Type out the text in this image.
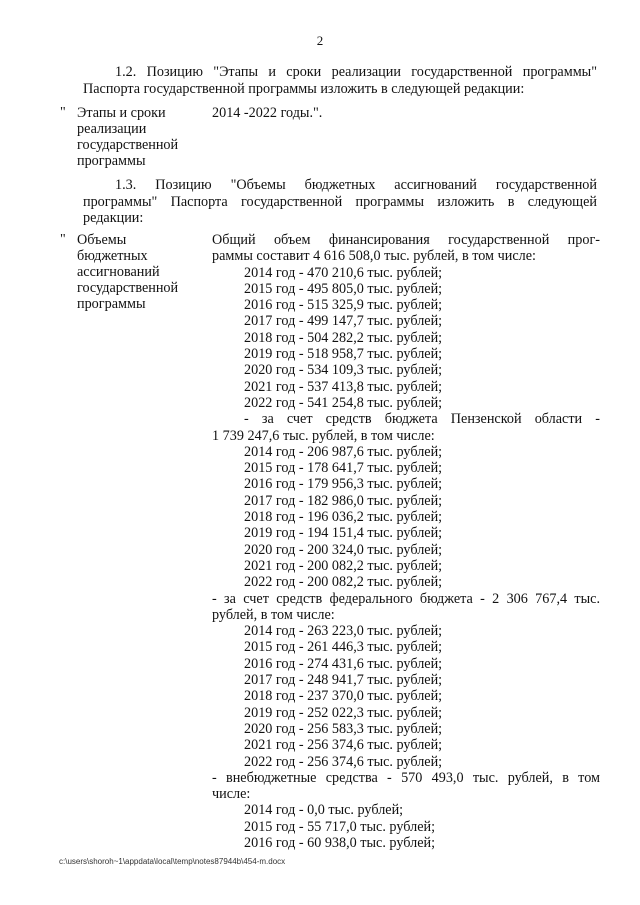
2
1.2. Позицию "Этапы и сроки реализации государственной программы"
Паспорта государственной программы изложить в следующей редакции:
" Этапы и сроки
реализации
государственной
программы
2014 -2022 годы.".
1.3. Позицию "Объемы бюджетных ассигнований государственной
программы" Паспорта государственной программы изложить в следующей
редакции:
" Объемы
бюджетных
ассигнований
государственной
программы
Общий объем финансирования государственной прог-
раммы составит 4 616 508,0 тыс. рублей, в том числе:
2014 год - 470 210,6 тыс. рублей;
2015 год - 495 805,0 тыс. рублей;
2016 год - 515 325,9 тыс. рублей;
2017 год - 499 147,7 тыс. рублей;
2018 год - 504 282,2 тыс. рублей;
2019 год - 518 958,7 тыс. рублей;
2020 год - 534 109,3 тыс. рублей;
2021 год - 537 413,8 тыс. рублей;
2022 год - 541 254,8 тыс. рублей;
- за счет средств бюджета Пензенской области -
1 739 247,6 тыс. рублей, в том числе:
2014 год - 206 987,6 тыс. рублей;
2015 год - 178 641,7 тыс. рублей;
2016 год - 179 956,3 тыс. рублей;
2017 год - 182 986,0 тыс. рублей;
2018 год - 196 036,2 тыс. рублей;
2019 год - 194 151,4 тыс. рублей;
2020 год - 200 324,0 тыс. рублей;
2021 год - 200 082,2 тыс. рублей;
2022 год - 200 082,2 тыс. рублей;
- за счет средств федерального бюджета - 2 306 767,4 тыс.
рублей, в том числе:
2014 год - 263 223,0 тыс. рублей;
2015 год - 261 446,3 тыс. рублей;
2016 год - 274 431,6 тыс. рублей;
2017 год - 248 941,7 тыс. рублей;
2018 год - 237 370,0 тыс. рублей;
2019 год - 252 022,3 тыс. рублей;
2020 год - 256 583,3 тыс. рублей;
2021 год - 256 374,6 тыс. рублей;
2022 год - 256 374,6 тыс. рублей;
- внебюджетные средства - 570 493,0 тыс. рублей, в том
числе:
2014 год - 0,0 тыс. рублей;
2015 год - 55 717,0 тыс. рублей;
2016 год - 60 938,0 тыс. рублей;
c:\users\shoroh~1\appdata\local\temp\notes87944b\454-m.docx
